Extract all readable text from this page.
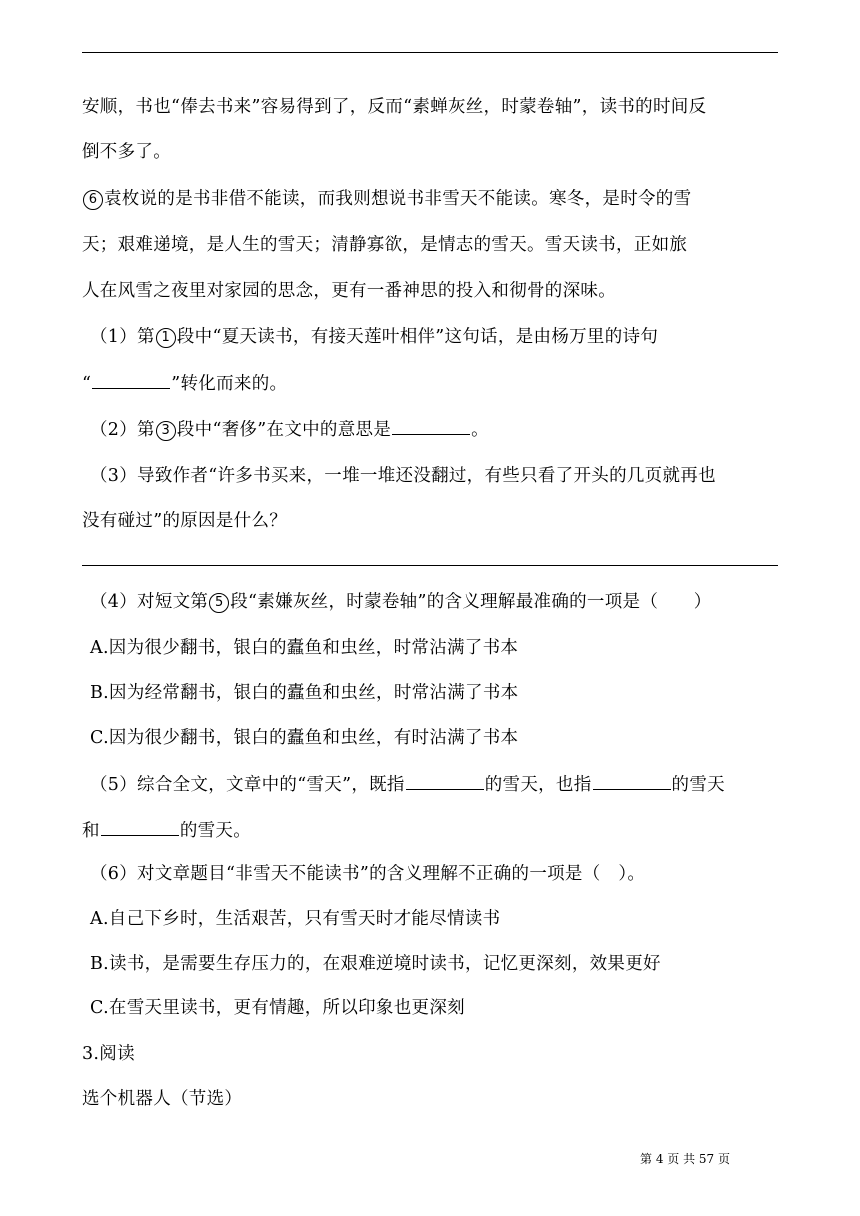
安顺，书也“俸去书来”容易得到了，反而“素蝉灰丝，时蒙卷轴”，读书的时间反
倒不多了。
6 袁枚说的是书非借不能读，而我则想说书非雪天不能读。寒冬，是时令的雪
天；艰难递境，是人生的雪天；清静寡欲，是情志的雪天。雪天读书，正如旅
人在风雪之夜里对家园的思念，更有一番神思的投入和彻骨的深味。
（1）第 1 段中“夏天读书，有接天莲叶相伴”这句话，是由杨万里的诗句
“	”转化而来的。
（2）第 3 段中“奢侈”在文中的意思是	。
（3）导致作者“许多书买来，一堆一堆还没翻过，有些只看了开头的几页就再也
没有碰过”的原因是什么？
（4）对短文第 5 段“素嫌灰丝，时蒙卷轴”的含义理解最准确的一项是（　　）
A.因为很少翻书，银白的蠹鱼和虫丝，时常沾满了书本
B.因为经常翻书，银白的蠹鱼和虫丝，时常沾满了书本
C.因为很少翻书，银白的蠹鱼和虫丝，有时沾满了书本
（5）综合全文，文章中的“雪天”，既指	的雪天，也指	的雪天
和	的雪天。
（6）对文章题目“非雪天不能读书”的含义理解不正确的一项是（　）。
A.自己下乡时，生活艰苦，只有雪天时才能尽情读书
B.读书，是需要生存压力的，在艰难逆境时读书，记忆更深刻，效果更好
C.在雪天里读书，更有情趣，所以印象也更深刻
3.阅读
选个机器人（节选）
第 4 页 共 57 页
